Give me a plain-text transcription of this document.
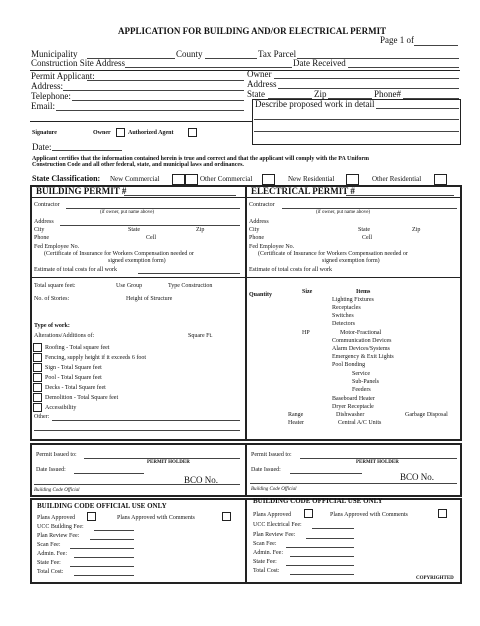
APPLICATION FOR BUILDING AND/OR ELECTRICAL PERMIT
Page 1 of
Municipality	County	Tax Parcel
Construction Site Address	Date Received
Permit Applicant:
Address:
Telephone:
Email:
Owner
Address
State	Zip	Phone#
Describe proposed work in detail
Signature	Owner	Authorized Agent
Date:
Applicant certifies that the information contained herein is true and correct and that the applicant will comply with the PA Uniform
Construction Code and all other federal, state, and municipal laws and ordinances.
State Classification: New Commercial	Other Commercial	New Residential	Other Residential
BUILDING PERMIT #
Contractor
(if owner, put name above)
Address
City	State	Zip
Phone	Cell
Fed Employee No.
(Certificate of Insurance for Workers Compensation needed or
signed exemption form)
Estimate of total costs for all work
Total square feet:	Use Group	Type Construction
No. of Stories:	Height of Structure
Type of work:
Alterations/Additions of:	Square Ft.
Roofing - Total square feet
Fencing, supply height if it exceeds 6 foot
Sign - Total Square feet
Pool - Total Square feet
Decks - Total Square feet
Demolition - Total Square feet
Accessibility
Other:
ELECTRICAL PERMIT #
Contractor
(if owner, put name above)
Address
City	State	Zip
Phone	Cell
Fed Employee No.
(Certificate of Insurance for Workers Compensation needed or
signed exemption form)
Estimate of total costs for all work
Quantity	Size	Items
Lighting Fixtures
Receptacles
Switches
Detectors
HP	Motor-Fractional
Communication Devices
Alarm Devices/Systems
Emergency & Exit Lights
Pool Bonding
Service
Sub-Panels
Feeders
Baseboard Heater
Dryer Receptacle
Range	Dishwasher	Garbage Disposal
Heater	Central A/C Units
Permit Issued to:
PERMIT HOLDER
Date Issued:
BCO No.
Building Code Official
Permit Issued to:
PERMIT HOLDER
Date Issued:
BCO No.
Building Code Official
BUILDING CODE OFFICIAL USE ONLY
Plans Approved	Plans Approved with Comments
UCC Building Fee:
Plan Review Fee:
Scan Fee:
Admin. Fee:
State Fee:
Total Cost:
BUILDING CODE OFFICIAL USE ONLY
Plans Approved	Plans Approved with Comments
UCC Electrical Fee:
Plan Review Fee:
Scan Fee:
Admin. Fee:
State Fee:
Total Cost:
COPYRIGHTED
